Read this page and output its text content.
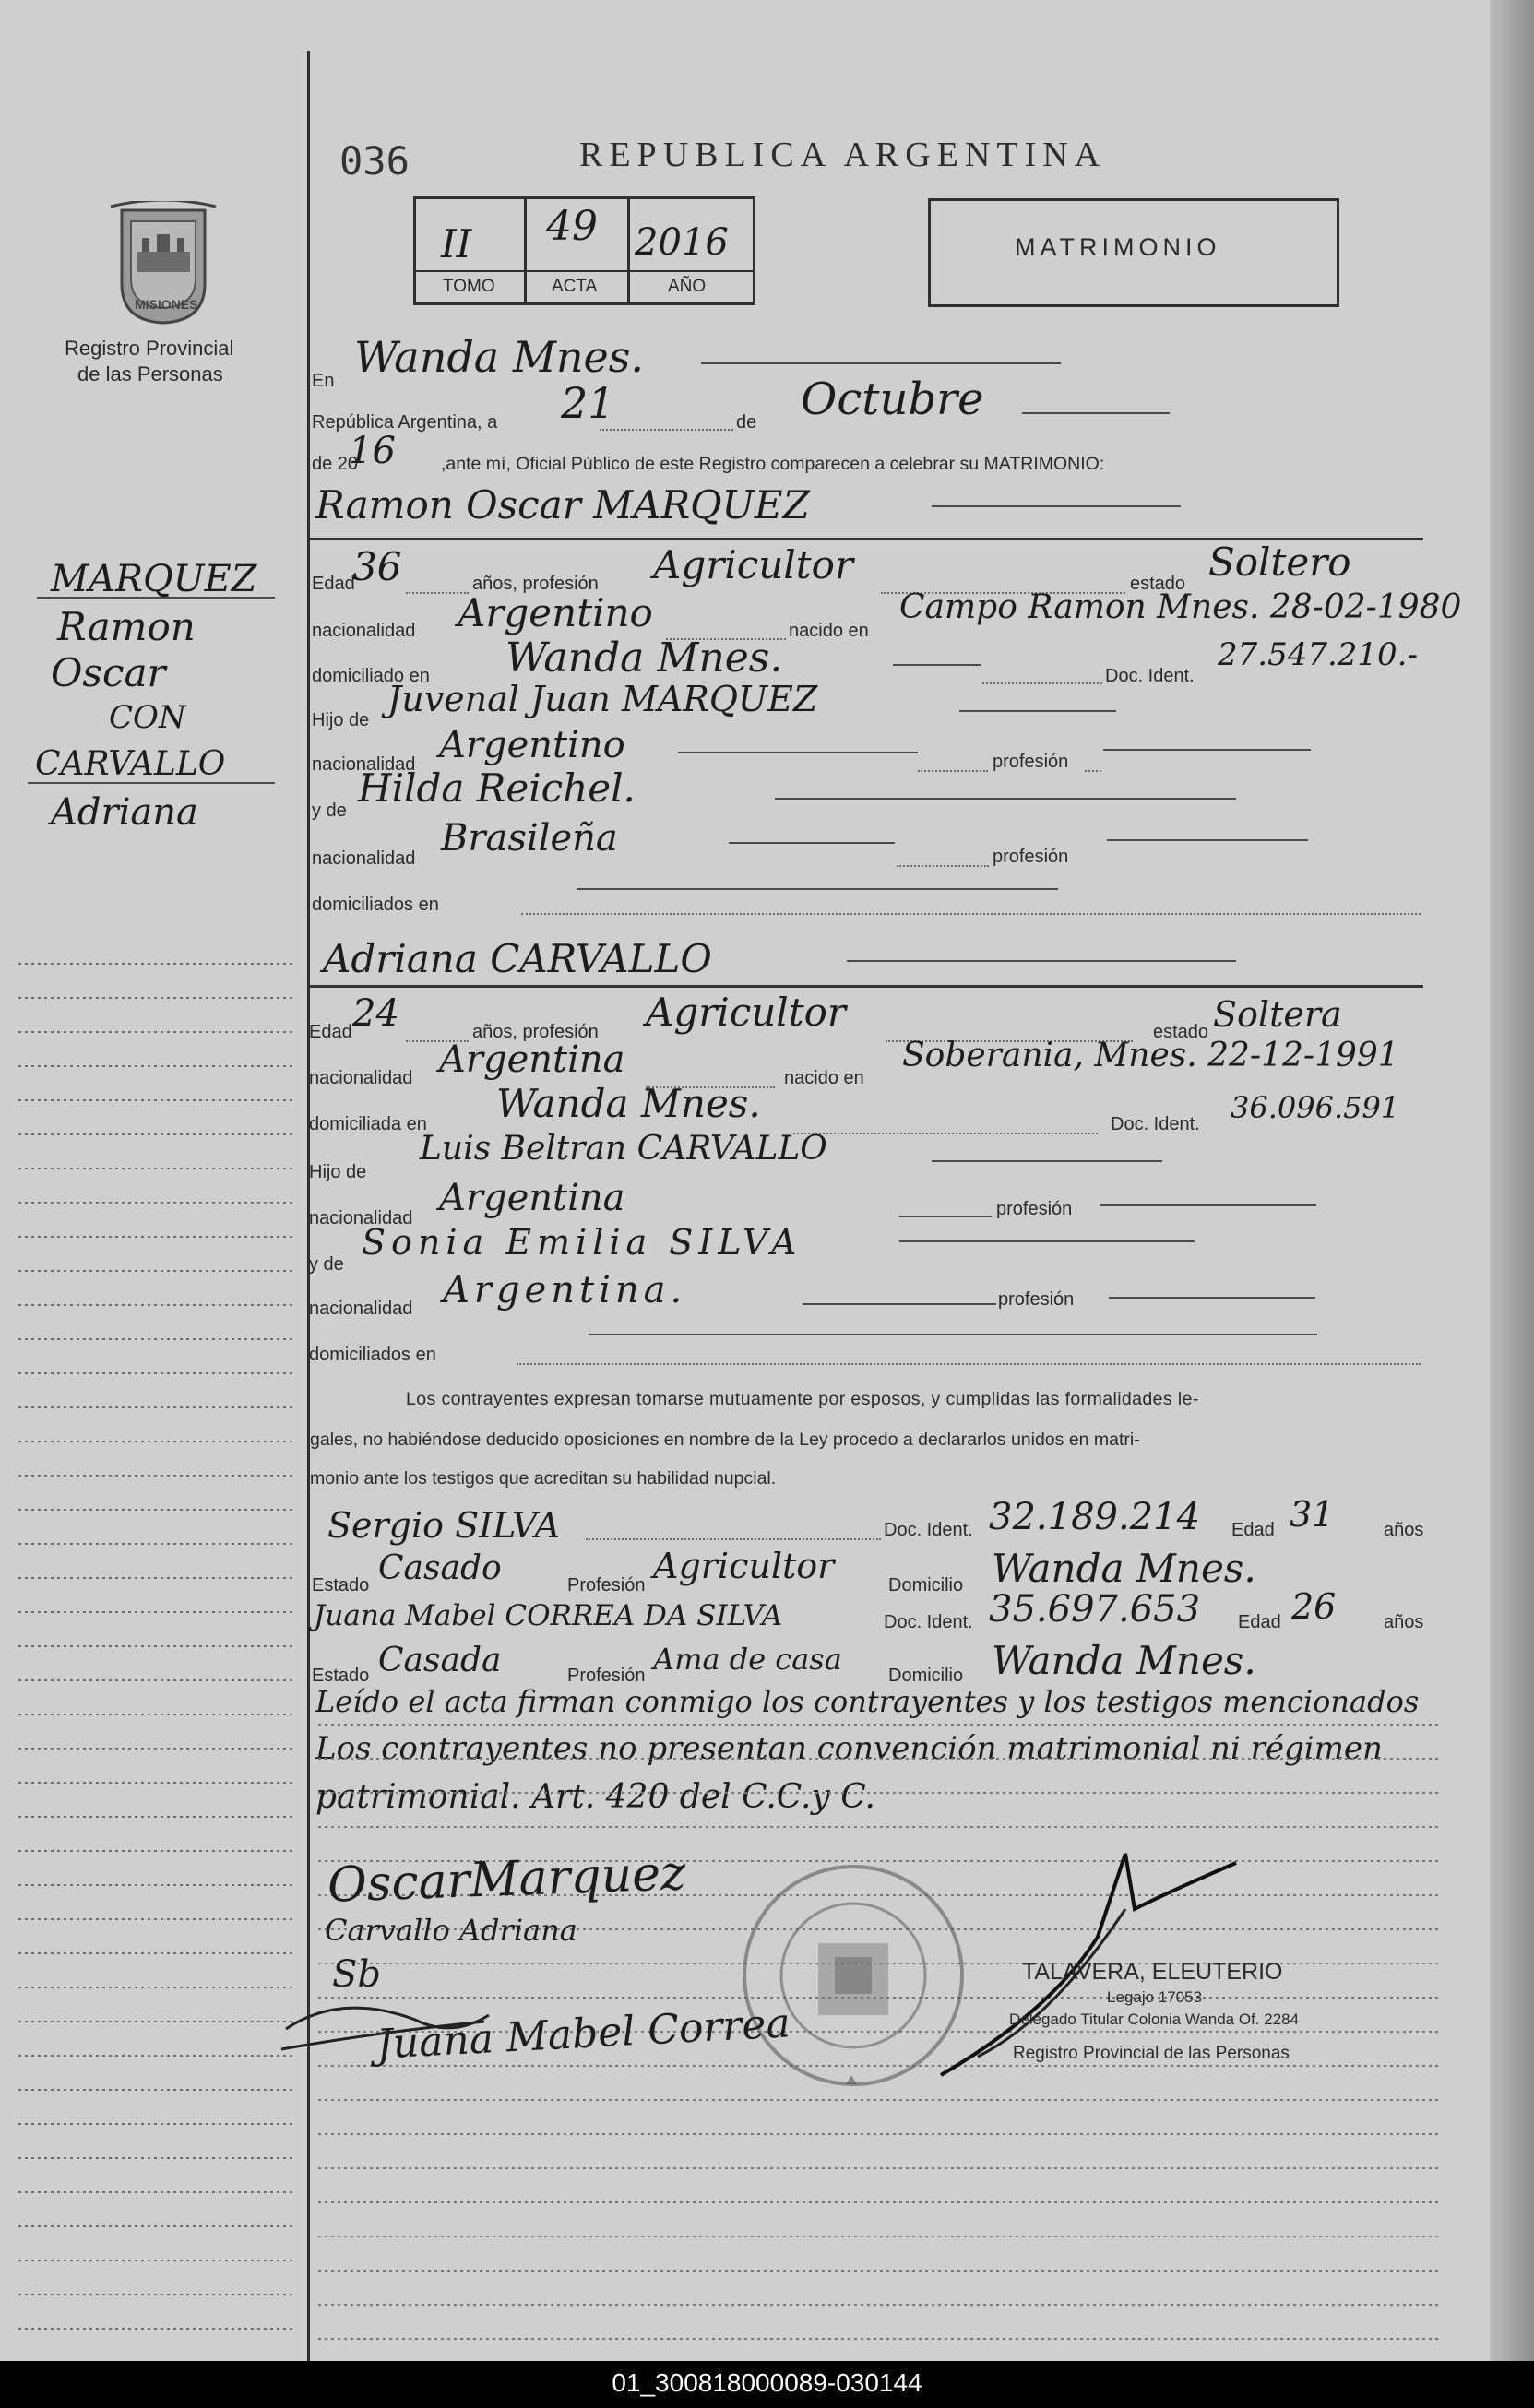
MISIONES
Registro Provincial
de las Personas
036	REPUBLICA ARGENTINA
II 49 2016
TOMO	ACTA	AÑO
MATRIMONIO
En Wanda Mnes.
República Argentina, a 21	de Octubre
de 20
16	,ante mí, Oficial Público de este Registro comparecen a celebrar su MATRIMONIO:
Ramon Oscar MARQUEZ
Edad
36	años, profesión Agricultor	estado Soltero
nacionalidad Argentino	nacido en
Campo Ramon Mnes. 28-02-1980
domiciliado en Wanda Mnes.	Doc. Ident.
27.547.210.-
Hijo de
Juvenal Juan MARQUEZ
nacionalidad Argentino	profesión
y de Hilda Reichel.
nacionalidad Brasileña	profesión
domiciliados en
Adriana CARVALLO
Edad 24	años, profesión Agricultor	estado Soltera
nacionalidad Argentina	nacido en
Soberania, Mnes. 22-12-1991
domiciliada en Wanda Mnes.	Doc. Ident. 36.096.591
Hijo de
Luis Beltran CARVALLO
nacionalidad Argentina	profesión
y de
Sonia Emilia SILVA
nacionalidad Argentina.	profesión
domiciliados en
Los contrayentes expresan tomarse mutuamente por esposos, y cumplidas las formalidades le-
gales, no habiéndose deducido oposiciones en nombre de la Ley procedo a declararlos unidos en matri-
monio ante los testigos que acreditan su habilidad nupcial.
Sergio SILVA	Doc. Ident. 32.189.214 Edad 31	años
Estado Casado	Profesión Agricultor	Domicilio Wanda Mnes.
Juana Mabel CORREA DA SILVA	Doc. Ident. 35.697.653 Edad 26	años
Estado Casada	Profesión Ama de casa	Domicilio Wanda Mnes.
Leído el acta firman conmigo los contrayentes y los testigos mencionados
Los contrayentes no presentan convención matrimonial ni régimen
patrimonial. Art. 420 del C.C.y C.
OscarMarquez
Carvallo Adriana
Sb
Juana Mabel Correa
TALAVERA, ELEUTERIO
Legajo 17053
Delegado Titular Colonia Wanda Of. 2284
Registro Provincial de las Personas
01_300818000089-030144
MARQUEZ
Ramon
Oscar
CON
CARVALLO
Adriana
